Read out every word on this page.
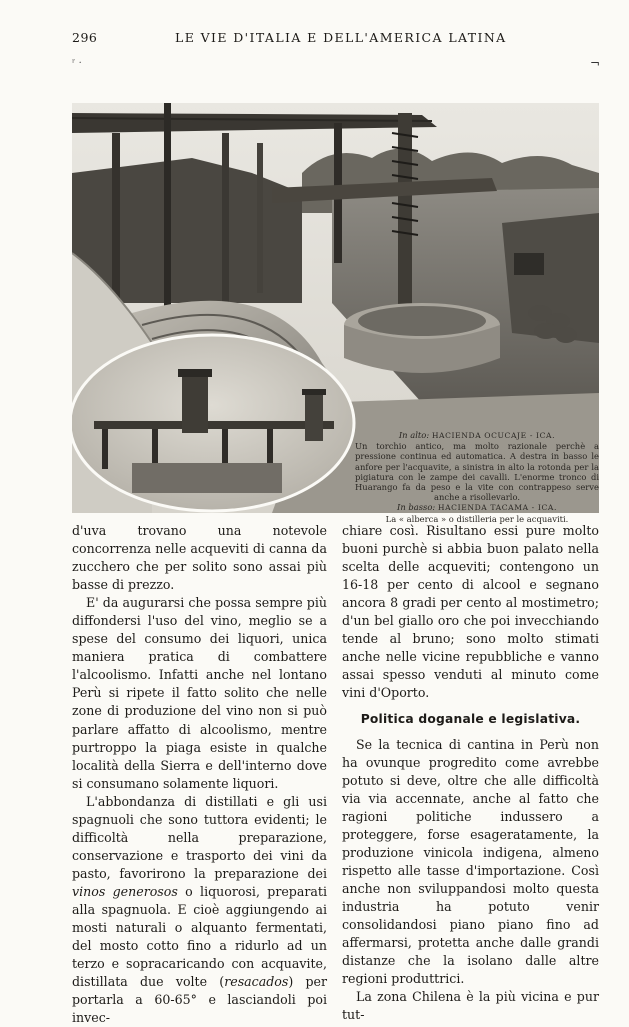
296	LE VIE D'ITALIA E DELL'AMERICA LATINA
ʳ ·	¬

In alto: HACIENDA OCUCAJE - ICA.

Un torchio antico, ma molto razionale perchè a pressione continua ed automatica. A destra in basso le anfore per l'acquavite, a sinistra in alto la rotonda per la pigiatura con le zampe dei cavalli. L'enorme tronco di Huarango fa da peso e la vite con contrappeso serve anche a risollevarlo.

In basso: HACIENDA TACAMA - ICA.

La « alberca » o distilleria per le acquaviti.

d'uva trovano una notevole concorrenza nelle acqueviti di canna da zucchero che per solito sono assai più basse di prezzo.

E' da augurarsi che possa sempre più diffondersi l'uso del vino, meglio se a spese del consumo dei liquori, unica maniera pratica di combattere l'alcoolismo. Infatti anche nel lontano Perù si ripete il fatto solito che nelle zone di produzione del vino non si può parlare affatto di alcoolismo, mentre purtroppo la piaga esiste in qualche località della Sierra e dell'interno dove si consumano solamente liquori.

L'abbondanza di distillati e gli usi spagnuoli che sono tuttora evidenti; le difficoltà nella preparazione, conservazione e trasporto dei vini da pasto, favorirono la preparazione dei vinos generosos o liquorosi, preparati alla spagnuola. E cioè aggiungendo ai mosti naturali o alquanto fermentati, del mosto cotto fino a ridurlo ad un terzo e sopracaricando con acquavite, distillata due volte (resacados) per portarla a 60-65° e lasciandoli poi invec-

chiare così. Risultano essi pure molto buoni purchè si abbia buon palato nella scelta delle acqueviti; contengono un 16-18 per cento di alcool e segnano ancora 8 gradi per cento al mostimetro; d'un bel giallo oro che poi invecchiando tende al bruno; sono molto stimati anche nelle vicine repubbliche e vanno assai spesso venduti al minuto come vini d'Oporto.

Politica doganale e legislativa.

Se la tecnica di cantina in Perù non ha ovunque progredito come avrebbe potuto si deve, oltre che alle difficoltà via via accennate, anche al fatto che ragioni politiche indussero a proteggere, forse esageratamente, la produzione vinicola indigena, almeno rispetto alle tasse d'importazione. Così anche non sviluppandosi molto questa industria ha potuto venir consolidandosi piano piano fino ad affermarsi, protetta anche dalle grandi distanze che la isolano dalle altre regioni produttrici.

La zona Chilena è la più vicina e pur tut-
